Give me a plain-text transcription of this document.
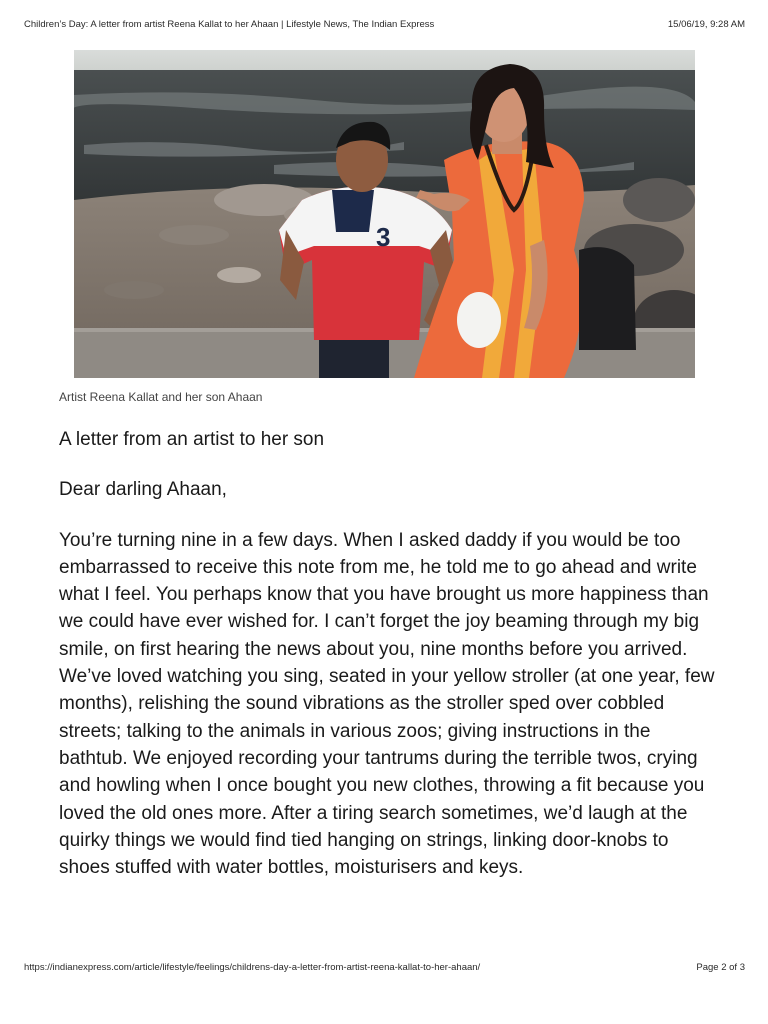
Children’s Day: A letter from artist Reena Kallat to her Ahaan | Lifestyle News, The Indian Express	15/06/19, 9:28 AM
3
Artist Reena Kallat and her son Ahaan

A letter from an artist to her son

Dear darling Ahaan,

You’re turning nine in a few days. When I asked daddy if you would be too embarrassed to receive this note from me, he told me to go ahead and write what I feel. You perhaps know that you have brought us more happiness than we could have ever wished for. I can’t forget the joy beaming through my big smile, on first hearing the news about you, nine months before you arrived. We’ve loved watching you sing, seated in your yellow stroller (at one year, few months), relishing the sound vibrations as the stroller sped over cobbled streets; talking to the animals in various zoos; giving instructions in the bathtub. We enjoyed recording your tantrums during the terrible twos, crying and howling when I once bought you new clothes, throwing a fit because you loved the old ones more. After a tiring search sometimes, we’d laugh at the quirky things we would find tied hanging on strings, linking door-knobs to shoes stuffed with water bottles, moisturisers and keys.

https://indianexpress.com/article/lifestyle/feelings/childrens-day-a-letter-from-artist-reena-kallat-to-her-ahaan/	Page 2 of 3
